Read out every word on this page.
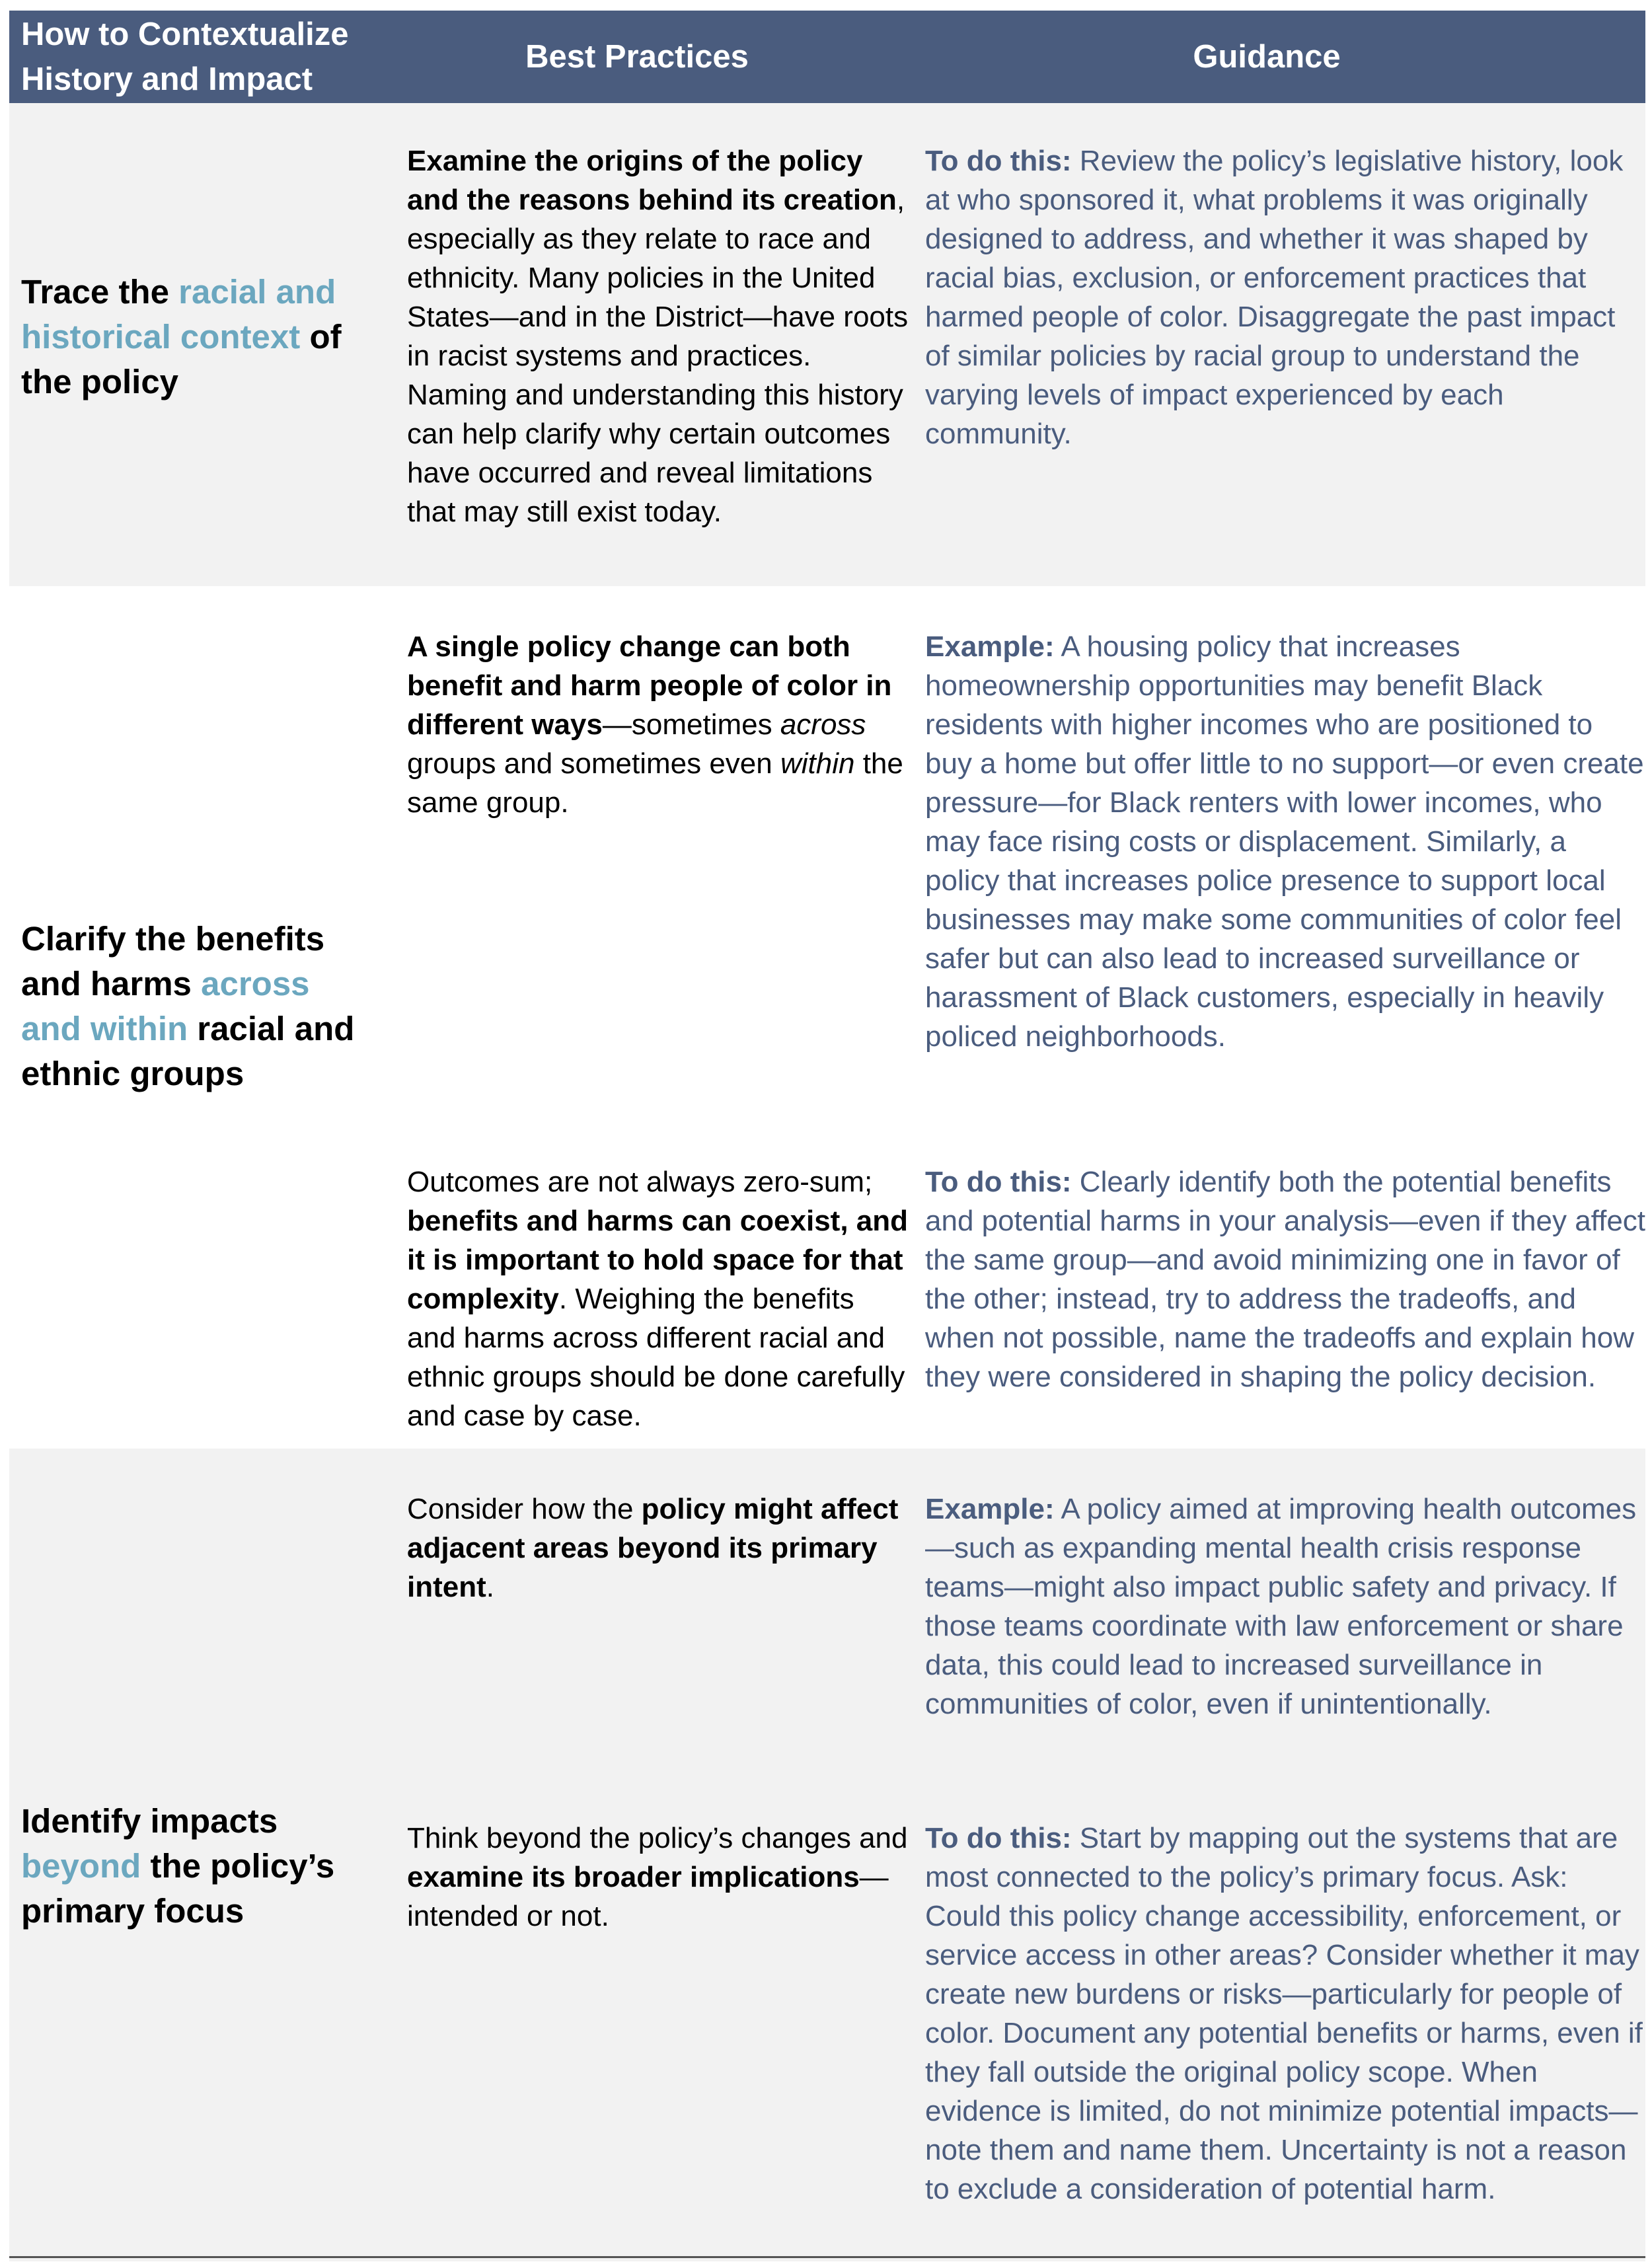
How to Contextualize
History and Impact
Best Practices	Guidance
Trace the racial and historical context of the policy
Examine the origins of the policy and the reasons behind its creation, especially as they relate to race and ethnicity. Many policies in the United States—and in the District—have roots in racist systems and practices. Naming and understanding this history can help clarify why certain outcomes have occurred and reveal limitations that may still exist today.
To do this: Review the policy’s legislative history, look at who sponsored it, what problems it was originally designed to address, and whether it was shaped by racial bias, exclusion, or enforcement practices that harmed people of color. Disaggregate the past impact of similar policies by racial group to understand the varying levels of impact experienced by each community.
Clarify the benefits and harms across and within racial and ethnic groups
A single policy change can both benefit and harm people of color in different ways—sometimes across groups and sometimes even within the same group.
Example: A housing policy that increases homeownership opportunities may benefit Black residents with higher incomes who are positioned to buy a home but offer little to no support—or even create pressure—for Black renters with lower incomes, who may face rising costs or displacement. Similarly, a policy that increases police presence to support local businesses may make some communities of color feel safer but can also lead to increased surveillance or harassment of Black customers, especially in heavily policed neighborhoods.
Outcomes are not always zero-sum; benefits and harms can coexist, and it is important to hold space for that complexity. Weighing the benefits and harms across different racial and ethnic groups should be done carefully and case by case.
To do this: Clearly identify both the potential benefits and potential harms in your analysis—even if they affect the same group—and avoid minimizing one in favor of the other; instead, try to address the tradeoffs, and when not possible, name the tradeoffs and explain how they were considered in shaping the policy decision.
Identify impacts beyond the policy’s primary focus
Consider how the policy might affect adjacent areas beyond its primary intent.
Example: A policy aimed at improving health outcomes—such as expanding mental health crisis response teams—might also impact public safety and privacy. If those teams coordinate with law enforcement or share data, this could lead to increased surveillance in communities of color, even if unintentionally.
Think beyond the policy’s changes and examine its broader implications—intended or not.
To do this: Start by mapping out the systems that are most connected to the policy’s primary focus. Ask: Could this policy change accessibility, enforcement, or service access in other areas? Consider whether it may create new burdens or risks—particularly for people of color. Document any potential benefits or harms, even if they fall outside the original policy scope. When evidence is limited, do not minimize potential impacts—note them and name them. Uncertainty is not a reason to exclude a consideration of potential harm.
